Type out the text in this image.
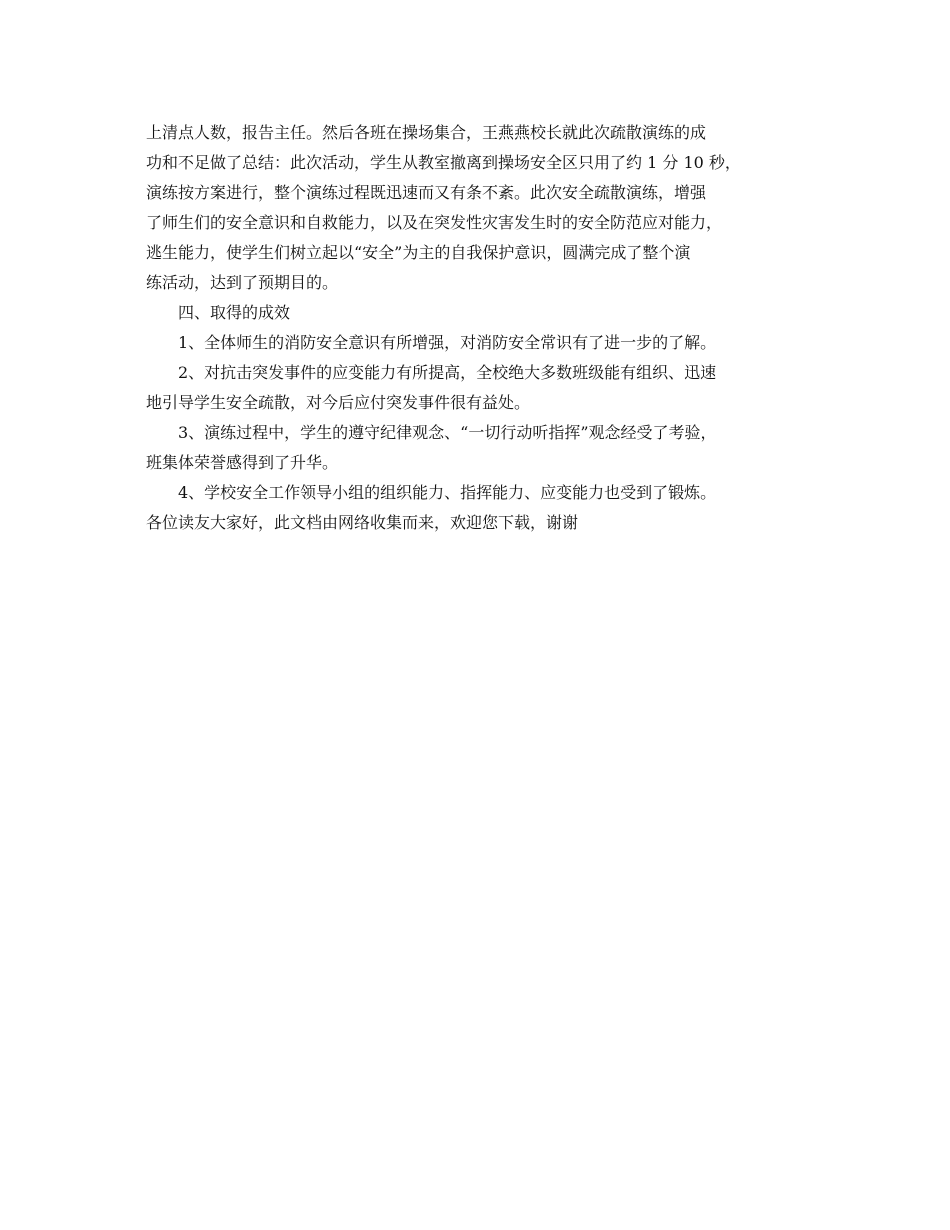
上清点人数，报告主任。然后各班在操场集合，王燕燕校长就此次疏散演练的成
功和不足做了总结：此次活动，学生从教室撤离到操场安全区只用了约 1 分 10 秒，
演练按方案进行，整个演练过程既迅速而又有条不紊。此次安全疏散演练，增强
了师生们的安全意识和自救能力，以及在突发性灾害发生时的安全防范应对能力，
逃生能力，使学生们树立起以“安全”为主的自我保护意识，圆满完成了整个演
练活动，达到了预期目的。
四、取得的成效
1、全体师生的消防安全意识有所增强，对消防安全常识有了进一步的了解。
2、对抗击突发事件的应变能力有所提高，全校绝大多数班级能有组织、迅速
地引导学生安全疏散，对今后应付突发事件很有益处。
3、演练过程中，学生的遵守纪律观念、“一切行动听指挥”观念经受了考验，
班集体荣誉感得到了升华。
4、学校安全工作领导小组的组织能力、指挥能力、应变能力也受到了锻炼。
各位读友大家好，此文档由网络收集而来，欢迎您下载，谢谢
